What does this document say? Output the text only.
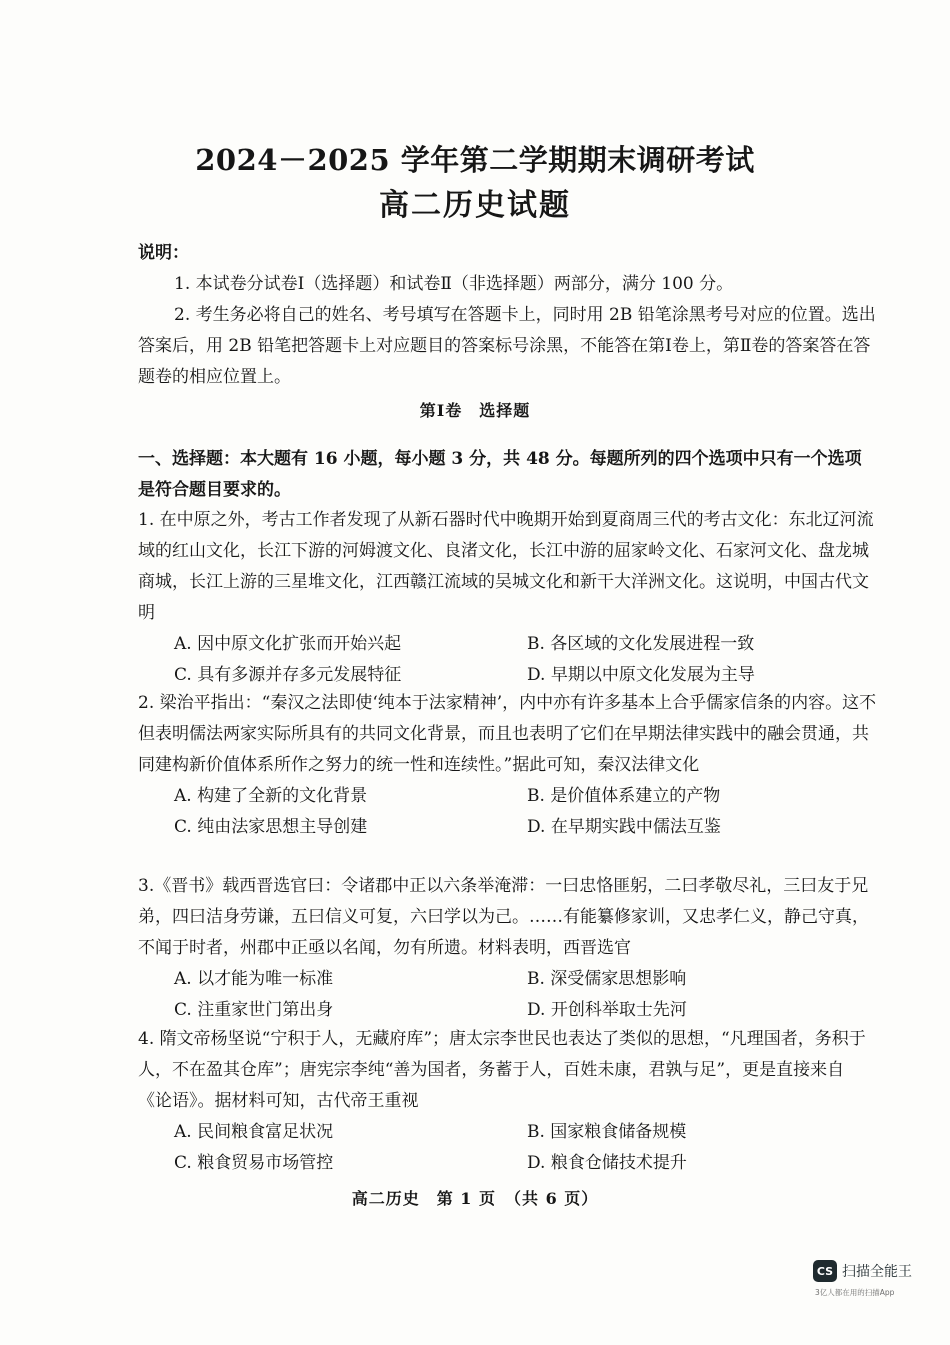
2024－2025 学年第二学期期末调研考试
高二历史试题
说明：
1. 本试卷分试卷Ⅰ（选择题）和试卷Ⅱ（非选择题）两部分，满分 100 分。
2. 考生务必将自己的姓名、考号填写在答题卡上，同时用 2B 铅笔涂黑考号对应的位置。选出答案后，用 2B 铅笔把答题卡上对应题目的答案标号涂黑，不能答在第Ⅰ卷上，第Ⅱ卷的答案答在答题卷的相应位置上。
第Ⅰ卷　选择题
一、选择题：本大题有 16 小题，每小题 3 分，共 48 分。每题所列的四个选项中只有一个选项是符合题目要求的。
1. 在中原之外，考古工作者发现了从新石器时代中晚期开始到夏商周三代的考古文化：东北辽河流域的红山文化，长江下游的河姆渡文化、良渚文化，长江中游的屈家岭文化、石家河文化、盘龙城商城，长江上游的三星堆文化，江西赣江流域的吴城文化和新干大洋洲文化。这说明，中国古代文明
A. 因中原文化扩张而开始兴起	B. 各区域的文化发展进程一致
C. 具有多源并存多元发展特征	D. 早期以中原文化发展为主导
2. 梁治平指出：“秦汉之法即使‘纯本于法家精神’，内中亦有许多基本上合乎儒家信条的内容。这不但表明儒法两家实际所具有的共同文化背景，而且也表明了它们在早期法律实践中的融会贯通，共同建构新价值体系所作之努力的统一性和连续性。”据此可知，秦汉法律文化
A. 构建了全新的文化背景	B. 是价值体系建立的产物
C. 纯由法家思想主导创建	D. 在早期实践中儒法互鉴
3.《晋书》载西晋选官曰：令诸郡中正以六条举淹滞：一曰忠恪匪躬，二曰孝敬尽礼，三曰友于兄弟，四曰洁身劳谦，五曰信义可复，六曰学以为己。……有能纂修家训，又忠孝仁义，静己守真，不闻于时者，州郡中正亟以名闻，勿有所遗。材料表明，西晋选官
A. 以才能为唯一标准	B. 深受儒家思想影响
C. 注重家世门第出身	D. 开创科举取士先河
4. 隋文帝杨坚说“宁积于人，无藏府库”；唐太宗李世民也表达了类似的思想，“凡理国者，务积于人，不在盈其仓库”；唐宪宗李纯“善为国者，务蓄于人，百姓未康，君孰与足”，更是直接来自《论语》。据材料可知，古代帝王重视
A. 民间粮食富足状况	B. 国家粮食储备规模
C. 粮食贸易市场管控	D. 粮食仓储技术提升
高二历史　第 1 页　（共 6 页）
CS 扫描全能王
3亿人都在用的扫描App
